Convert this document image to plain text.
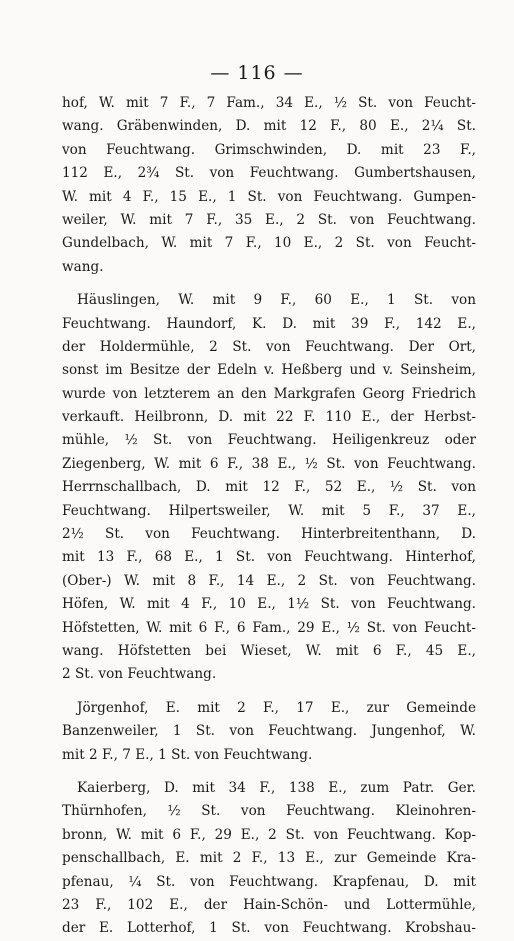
— 116 —
hof, W. mit 7 F., 7 Fam., 34 E., ½ St. von Feucht-
wang. Gräbenwinden, D. mit 12 F., 80 E., 2¼ St.
von Feuchtwang. Grimschwinden, D. mit 23 F.,
112 E., 2¾ St. von Feuchtwang. Gumbertshausen,
W. mit 4 F., 15 E., 1 St. von Feuchtwang. Gumpen-
weiler, W. mit 7 F., 35 E., 2 St. von Feuchtwang.
Gundelbach, W. mit 7 F., 10 E., 2 St. von Feucht-
wang.
Häuslingen, W. mit 9 F., 60 E., 1 St. von
Feuchtwang. Haundorf, K. D. mit 39 F., 142 E.,
der Holdermühle, 2 St. von Feuchtwang. Der Ort,
sonst im Besitze der Edeln v. Heßberg und v. Seinsheim,
wurde von letzterem an den Markgrafen Georg Friedrich
verkauft. Heilbronn, D. mit 22 F. 110 E., der Herbst-
mühle, ½ St. von Feuchtwang. Heiligenkreuz oder
Ziegenberg, W. mit 6 F., 38 E., ½ St. von Feuchtwang.
Herrnschallbach, D. mit 12 F., 52 E., ½ St. von
Feuchtwang. Hilpertsweiler, W. mit 5 F., 37 E.,
2½ St. von Feuchtwang. Hinterbreitenthann, D.
mit 13 F., 68 E., 1 St. von Feuchtwang. Hinterhof,
(Ober-) W. mit 8 F., 14 E., 2 St. von Feuchtwang.
Höfen, W. mit 4 F., 10 E., 1½ St. von Feuchtwang.
Höfstetten, W. mit 6 F., 6 Fam., 29 E., ½ St. von Feucht-
wang. Höfstetten bei Wieset, W. mit 6 F., 45 E.,
2 St. von Feuchtwang.
Jörgenhof, E. mit 2 F., 17 E., zur Gemeinde
Banzenweiler, 1 St. von Feuchtwang. Jungenhof, W.
mit 2 F., 7 E., 1 St. von Feuchtwang.
Kaierberg, D. mit 34 F., 138 E., zum Patr. Ger.
Thürnhofen, ½ St. von Feuchtwang. Kleinohren-
bronn, W. mit 6 F., 29 E., 2 St. von Feuchtwang. Kop-
penschallbach, E. mit 2 F., 13 E., zur Gemeinde Kra-
pfenau, ¼ St. von Feuchtwang. Krapfenau, D. mit
23 F., 102 E., der Hain-Schön- und Lottermühle,
der E. Lotterhof, 1 St. von Feuchtwang. Krobshau-
